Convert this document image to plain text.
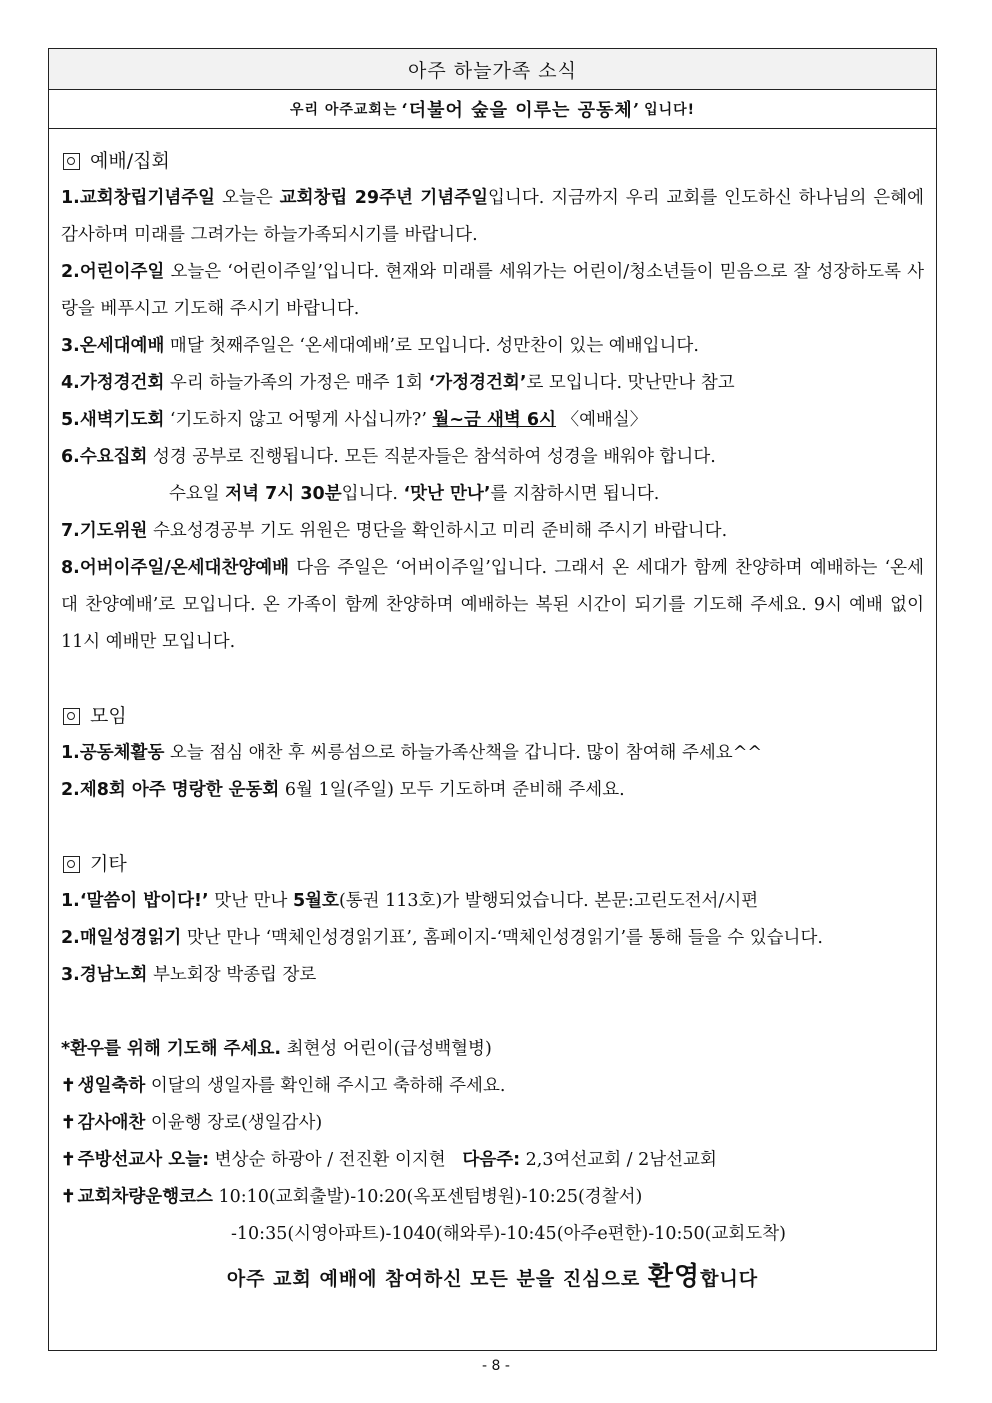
아주 하늘가족 소식
우리 아주교회는 ‘더불어 숲을 이루는 공동체’ 입니다!
예배/집회

1.교회창립기념주일 오늘은 교회창립 29주년 기념주일입니다. 지금까지 우리 교회를 인도하신 하나님의 은혜에 감사하며 미래를 그려가는 하늘가족되시기를 바랍니다.

2.어린이주일 오늘은 ‘어린이주일’입니다. 현재와 미래를 세워가는 어린이/청소년들이 믿음으로 잘 성장하도록 사랑을 베푸시고 기도해 주시기 바랍니다.

3.온세대예배 매달 첫째주일은 ‘온세대예배’로 모입니다. 성만찬이 있는 예배입니다.

4.가정경건회 우리 하늘가족의 가정은 매주 1회 ‘가정경건회’로 모입니다. 맛난만나 참고

5.새벽기도회 ‘기도하지 않고 어떻게 사십니까?’ 월~금 새벽 6시 〈예배실〉

6.수요집회 성경 공부로 진행됩니다. 모든 직분자들은 참석하여 성경을 배워야 합니다.

수요일 저녁 7시 30분입니다. ‘맛난 만나’를 지참하시면 됩니다.

7.기도위원 수요성경공부 기도 위원은 명단을 확인하시고 미리 준비해 주시기 바랍니다.

8.어버이주일/온세대찬양예배 다음 주일은 ‘어버이주일’입니다. 그래서 온 세대가 함께 찬양하며 예배하는 ‘온세대 찬양예배’로 모입니다. 온 가족이 함께 찬양하며 예배하는 복된 시간이 되기를 기도해 주세요. 9시 예배 없이 11시 예배만 모입니다.

모임

1.공동체활동 오늘 점심 애찬 후 씨릉섬으로 하늘가족산책을 갑니다. 많이 참여해 주세요^^

2.제8회 아주 명랑한 운동회 6월 1일(주일) 모두 기도하며 준비해 주세요.

기타

1.‘말씀이 밥이다!’ 맛난 만나 5월호(통권 113호)가 발행되었습니다. 본문:고린도전서/시편

2.매일성경읽기 맛난 만나 ‘맥체인성경읽기표’, 홈페이지-‘맥체인성경읽기’를 통해 들을 수 있습니다.

3.경남노회 부노회장 박종립 장로

*환우를 위해 기도해 주세요. 최현성 어린이(급성백혈병)

✝ 생일축하 이달의 생일자를 확인해 주시고 축하해 주세요.

✝ 감사애찬 이윤행 장로(생일감사)

✝ 주방선교사 오늘: 변상순 하광아 / 전진환 이지현 다음주: 2,3여선교회 / 2남선교회

✝ 교회차량운행코스 10:10(교회출발)-10:20(옥포센텀병원)-10:25(경찰서)

-10:35(시영아파트)-1040(해와루)-10:45(아주e편한)-10:50(교회도착)

아주 교회 예배에 참여하신 모든 분을 진심으로 환영합니다
- 8 -
